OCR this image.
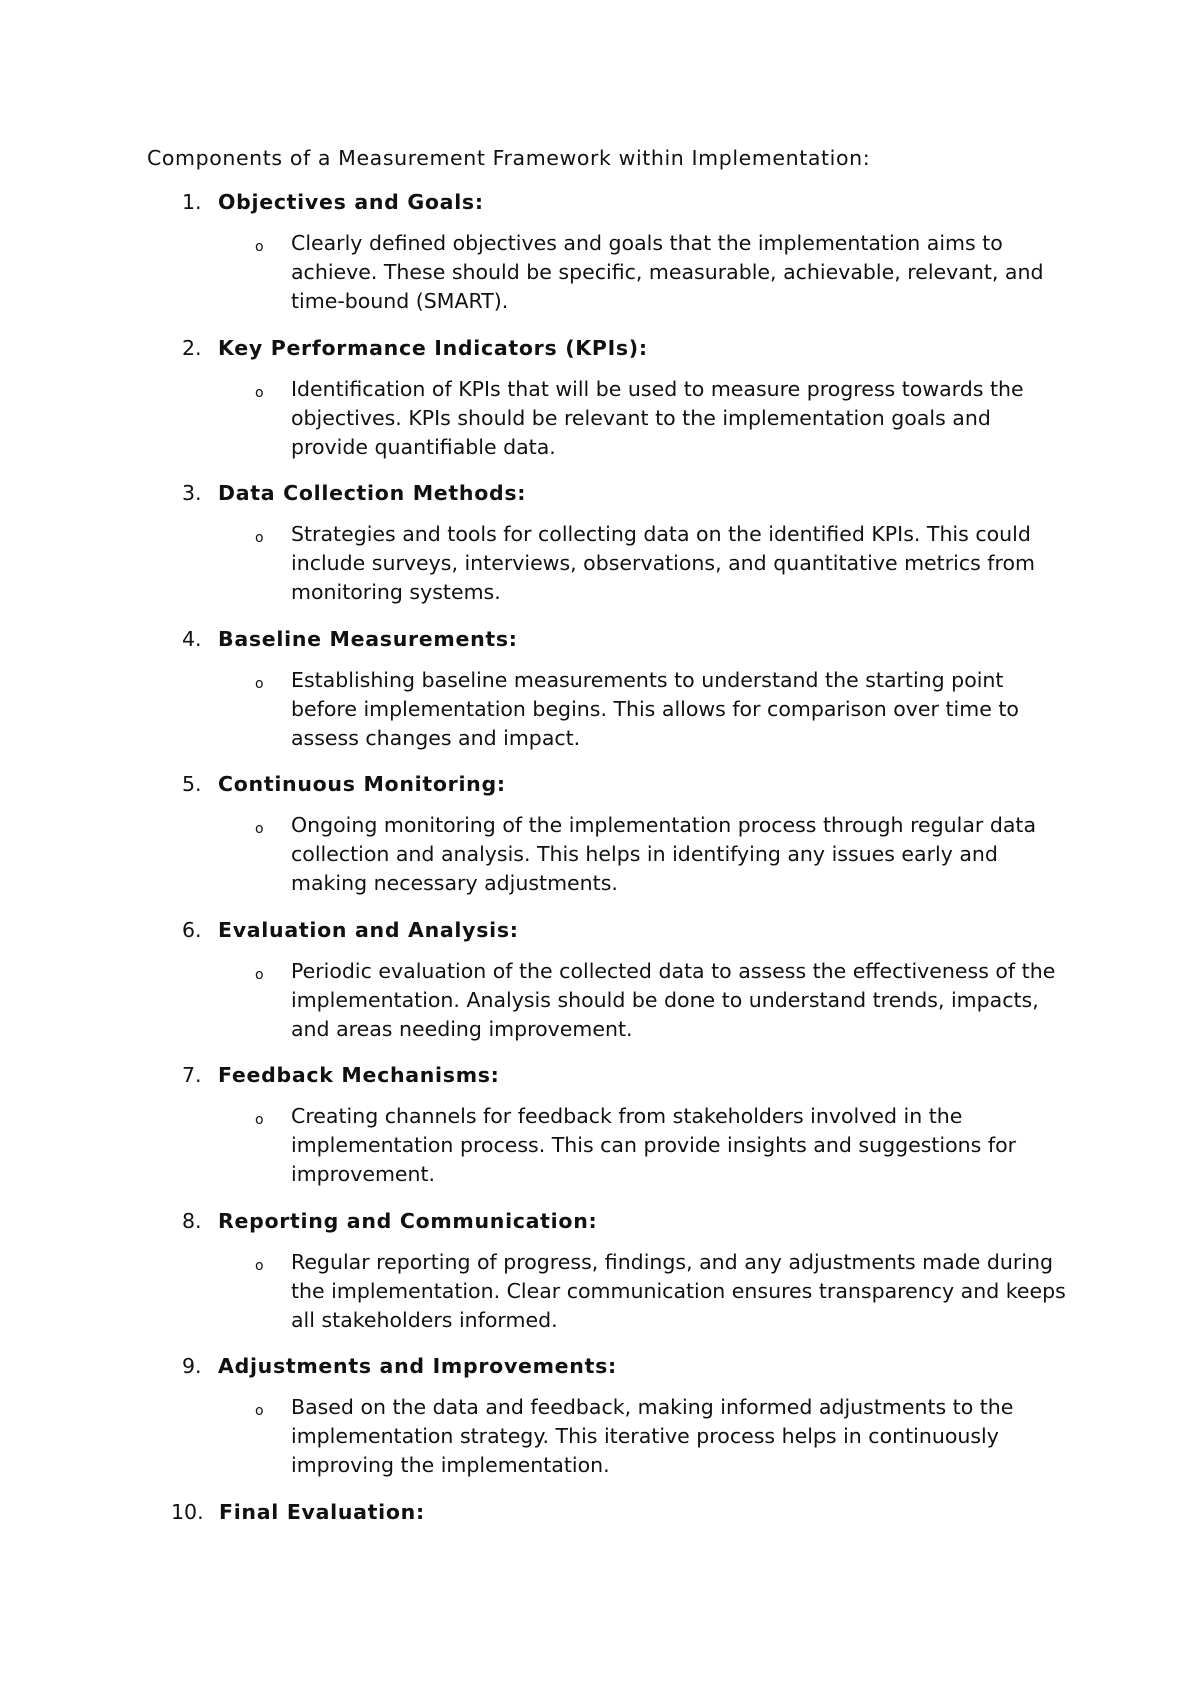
Components of a Measurement Framework within Implementation:
1. Objectives and Goals:
o Clearly defined objectives and goals that the implementation aims to achieve. These should be specific, measurable, achievable, relevant, and time-bound (SMART).
2. Key Performance Indicators (KPIs):
o Identification of KPIs that will be used to measure progress towards the objectives. KPIs should be relevant to the implementation goals and provide quantifiable data.
3. Data Collection Methods:
o Strategies and tools for collecting data on the identified KPIs. This could include surveys, interviews, observations, and quantitative metrics from monitoring systems.
4. Baseline Measurements:
o Establishing baseline measurements to understand the starting point before implementation begins. This allows for comparison over time to assess changes and impact.
5. Continuous Monitoring:
o Ongoing monitoring of the implementation process through regular data collection and analysis. This helps in identifying any issues early and making necessary adjustments.
6. Evaluation and Analysis:
o Periodic evaluation of the collected data to assess the effectiveness of the implementation. Analysis should be done to understand trends, impacts, and areas needing improvement.
7. Feedback Mechanisms:
o Creating channels for feedback from stakeholders involved in the implementation process. This can provide insights and suggestions for improvement.
8. Reporting and Communication:
o Regular reporting of progress, findings, and any adjustments made during the implementation. Clear communication ensures transparency and keeps all stakeholders informed.
9. Adjustments and Improvements:
o Based on the data and feedback, making informed adjustments to the implementation strategy. This iterative process helps in continuously improving the implementation.
10. Final Evaluation:
